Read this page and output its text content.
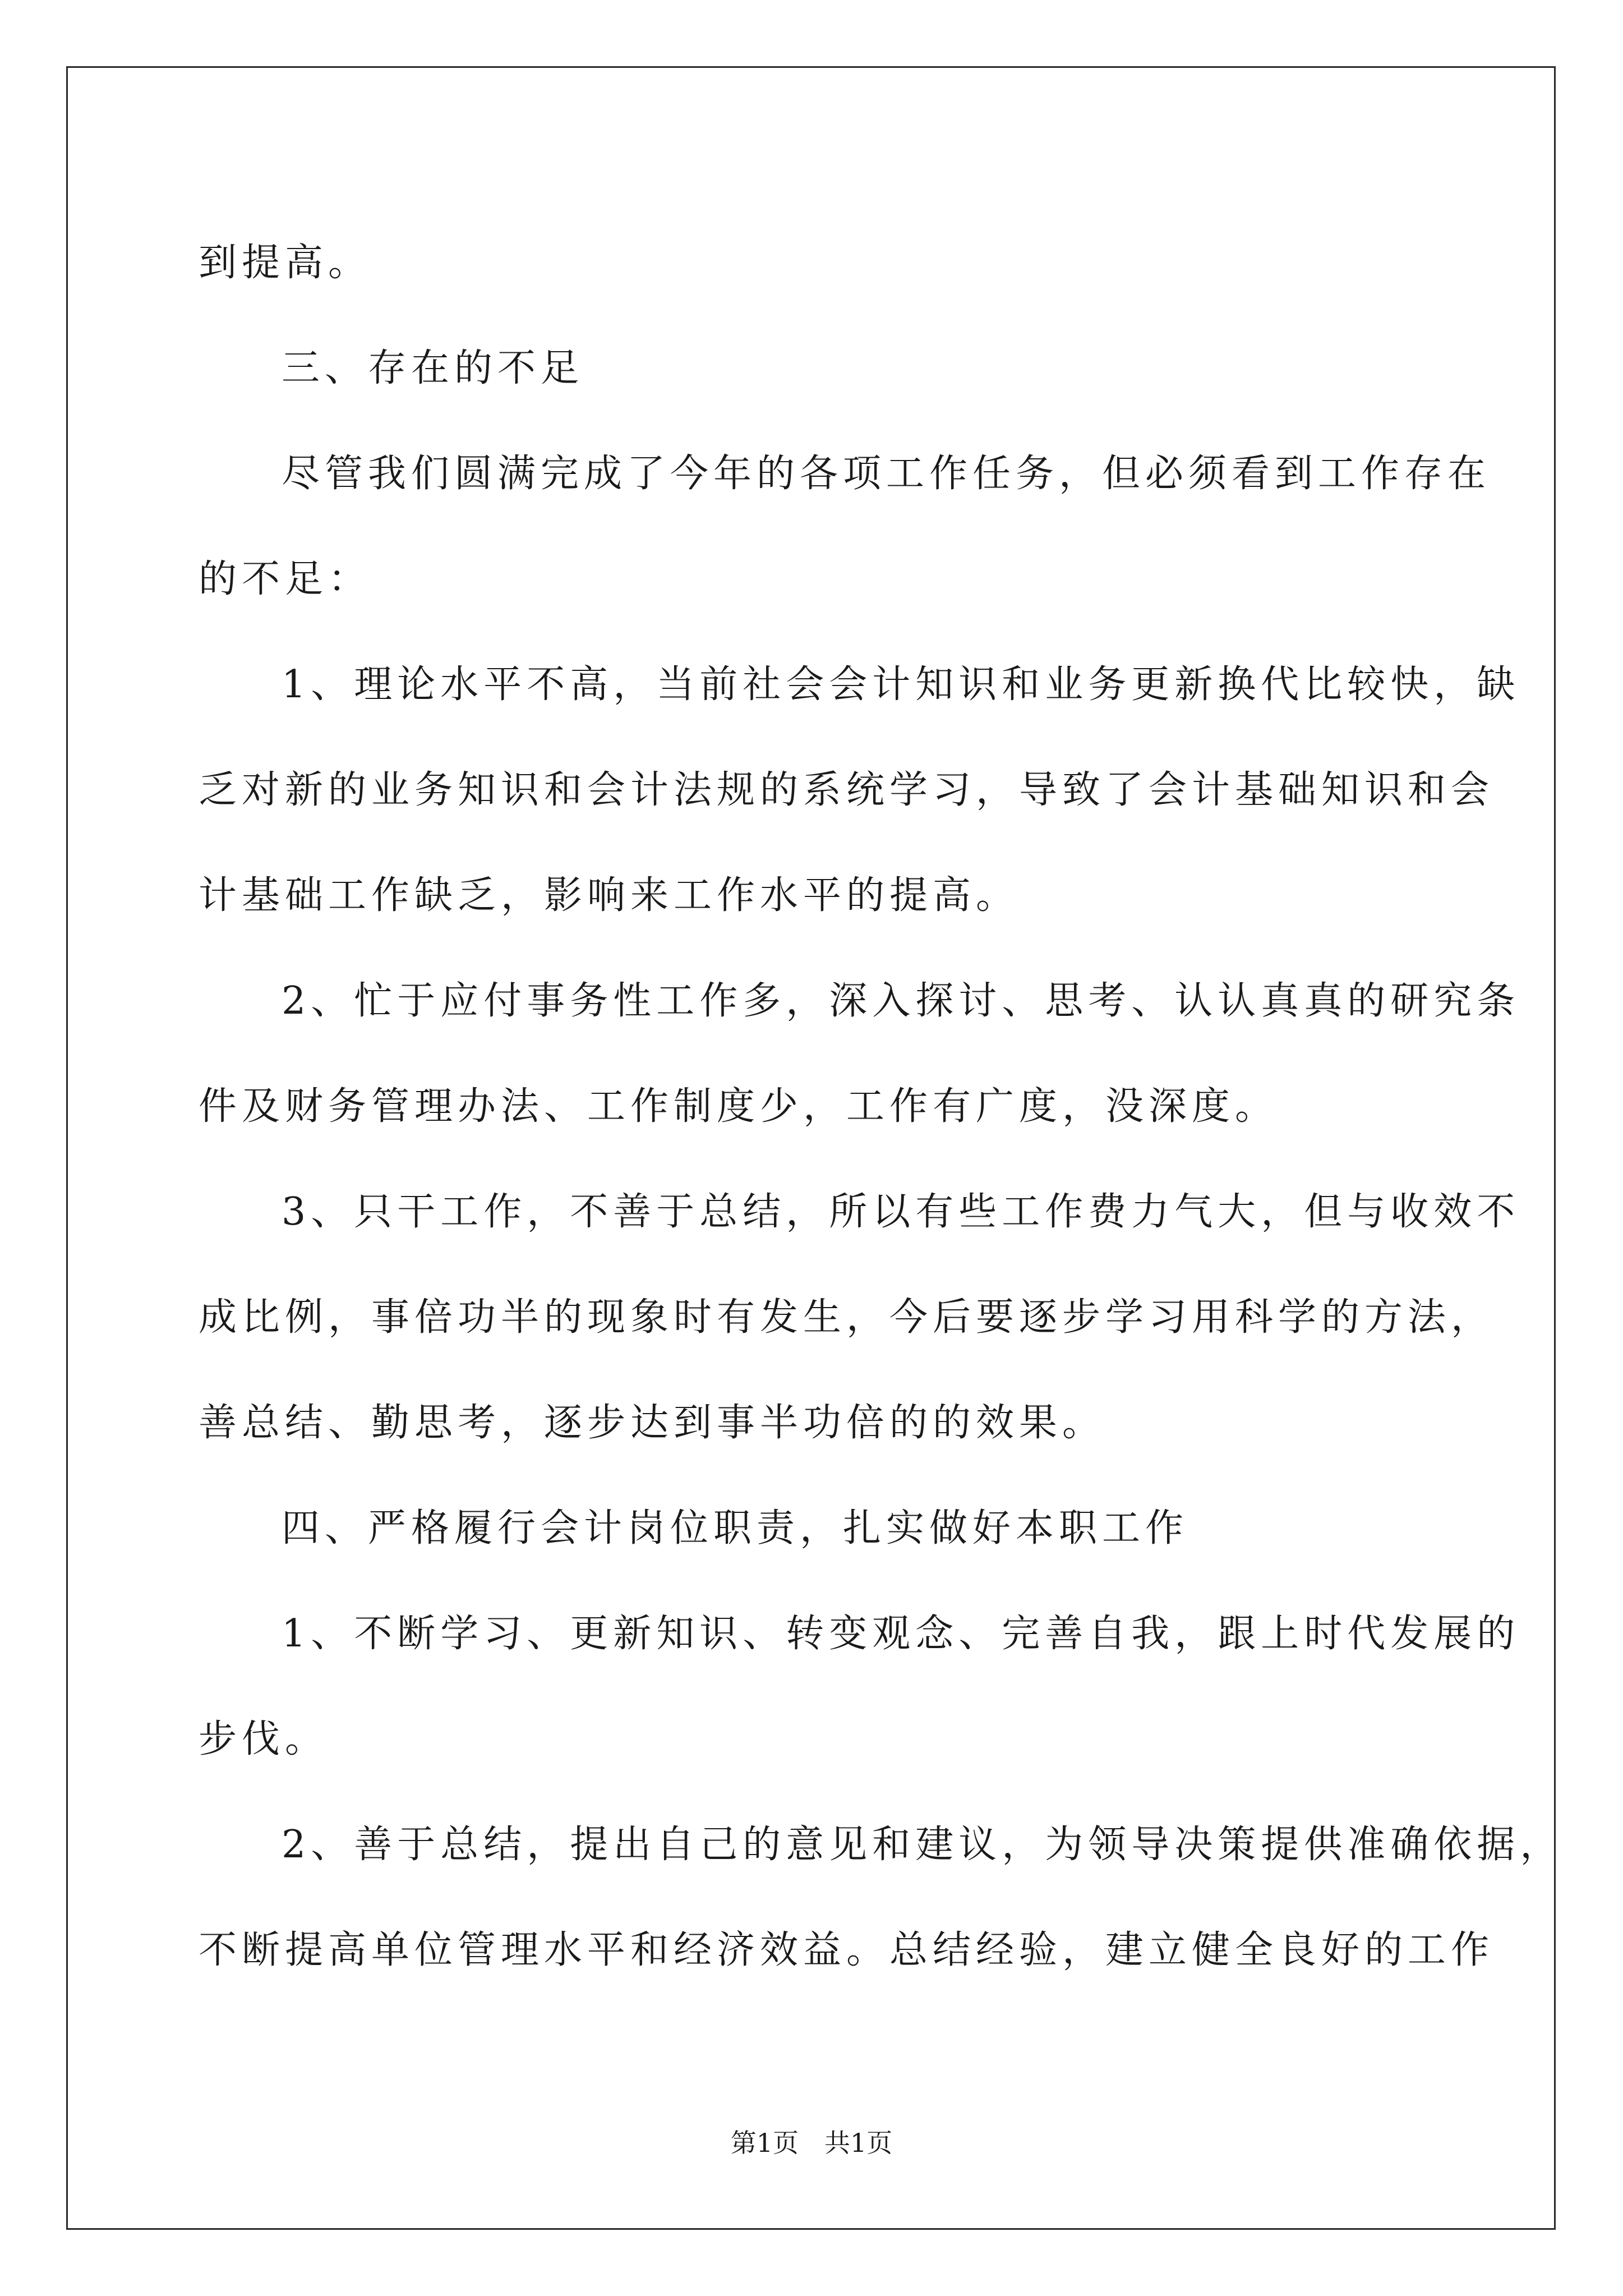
到提高。
三、存在的不足
尽管我们圆满完成了今年的各项工作任务，但必须看到工作存在
的不足：
1、理论水平不高，当前社会会计知识和业务更新换代比较快，缺
乏对新的业务知识和会计法规的系统学习，导致了会计基础知识和会
计基础工作缺乏，影响来工作水平的提高。
2、忙于应付事务性工作多，深入探讨、思考、认认真真的研究条
件及财务管理办法、工作制度少，工作有广度，没深度。
3、只干工作，不善于总结，所以有些工作费力气大，但与收效不
成比例，事倍功半的现象时有发生，今后要逐步学习用科学的方法，
善总结、勤思考，逐步达到事半功倍的的效果。
四、严格履行会计岗位职责，扎实做好本职工作
1、不断学习、更新知识、转变观念、完善自我，跟上时代发展的
步伐。
2、善于总结，提出自己的意见和建议，为领导决策提供准确依据，
不断提高单位管理水平和经济效益。总结经验，建立健全良好的工作
第1页　共1页
